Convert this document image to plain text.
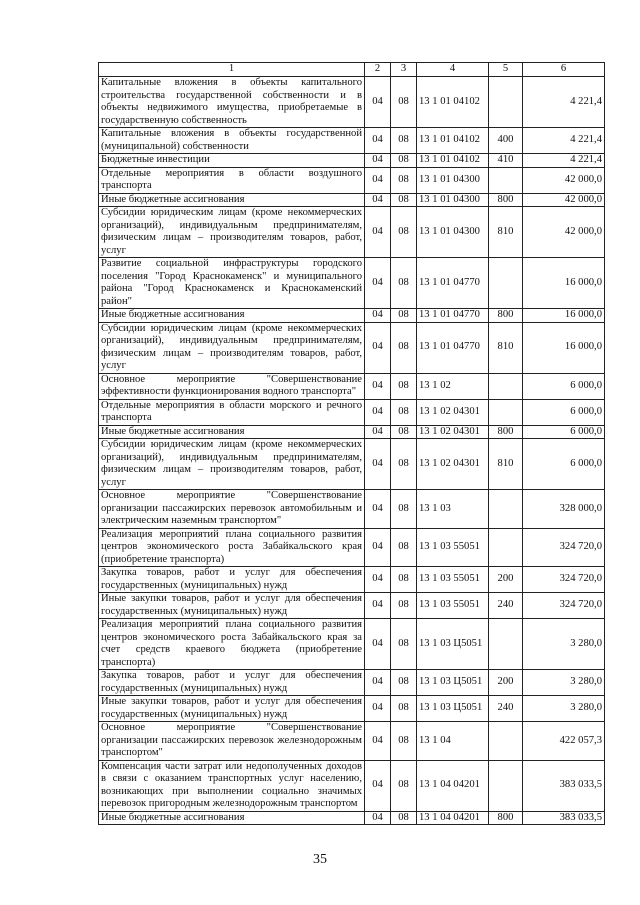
1	2	3	4	5	6
Капитальные вложения в объекты капитального строительства государственной собственности и в объекты недвижимого имущества, приобретаемые в государственную собственность	04	08	13 1 01 04102		4 221,4
Капитальные вложения в объекты государственной (муниципальной) собственности	04	08	13 1 01 04102	400	4 221,4
Бюджетные инвестиции	04	08	13 1 01 04102	410	4 221,4
Отдельные мероприятия в области воздушного транспорта	04	08	13 1 01 04300		42 000,0
Иные бюджетные ассигнования	04	08	13 1 01 04300	800	42 000,0
Субсидии юридическим лицам (кроме некоммерческих организаций), индивидуальным предпринимателям, физическим лицам – производителям товаров, работ, услуг	04	08	13 1 01 04300	810	42 000,0
Развитие социальной инфраструктуры городского поселения "Город Краснокаменск" и муниципального района "Город Краснокаменск и Краснокаменский район"	04	08	13 1 01 04770		16 000,0
Иные бюджетные ассигнования	04	08	13 1 01 04770	800	16 000,0
Субсидии юридическим лицам (кроме некоммерческих организаций), индивидуальным предпринимателям, физическим лицам – производителям товаров, работ, услуг	04	08	13 1 01 04770	810	16 000,0
Основное мероприятие "Совершенствование эффективности функционирования водного транспорта"	04	08	13 1 02		6 000,0
Отдельные мероприятия в области морского и речного транспорта	04	08	13 1 02 04301		6 000,0
Иные бюджетные ассигнования	04	08	13 1 02 04301	800	6 000,0
Субсидии юридическим лицам (кроме некоммерческих организаций), индивидуальным предпринимателям, физическим лицам – производителям товаров, работ, услуг	04	08	13 1 02 04301	810	6 000,0
Основное мероприятие "Совершенствование организации пассажирских перевозок автомобильным и электрическим наземным транспортом"	04	08	13 1 03		328 000,0
Реализация мероприятий плана социального развития центров экономического роста Забайкальского края (приобретение транспорта)	04	08	13 1 03 55051		324 720,0
Закупка товаров, работ и услуг для обеспечения государственных (муниципальных) нужд	04	08	13 1 03 55051	200	324 720,0
Иные закупки товаров, работ и услуг для обеспечения государственных (муниципальных) нужд	04	08	13 1 03 55051	240	324 720,0
Реализация мероприятий плана социального развития центров экономического роста Забайкальского края за счет средств краевого бюджета (приобретение транспорта)	04	08	13 1 03 Ц5051		3 280,0
Закупка товаров, работ и услуг для обеспечения государственных (муниципальных) нужд	04	08	13 1 03 Ц5051	200	3 280,0
Иные закупки товаров, работ и услуг для обеспечения государственных (муниципальных) нужд	04	08	13 1 03 Ц5051	240	3 280,0
Основное мероприятие "Совершенствование организации пассажирских перевозок железнодорожным транспортом"	04	08	13 1 04		422 057,3
Компенсация части затрат или недополученных доходов в связи с оказанием транспортных услуг населению, возникающих при выполнении социально значимых перевозок пригородным железнодорожным транспортом	04	08	13 1 04 04201		383 033,5
Иные бюджетные ассигнования	04	08	13 1 04 04201	800	383 033,5
35
